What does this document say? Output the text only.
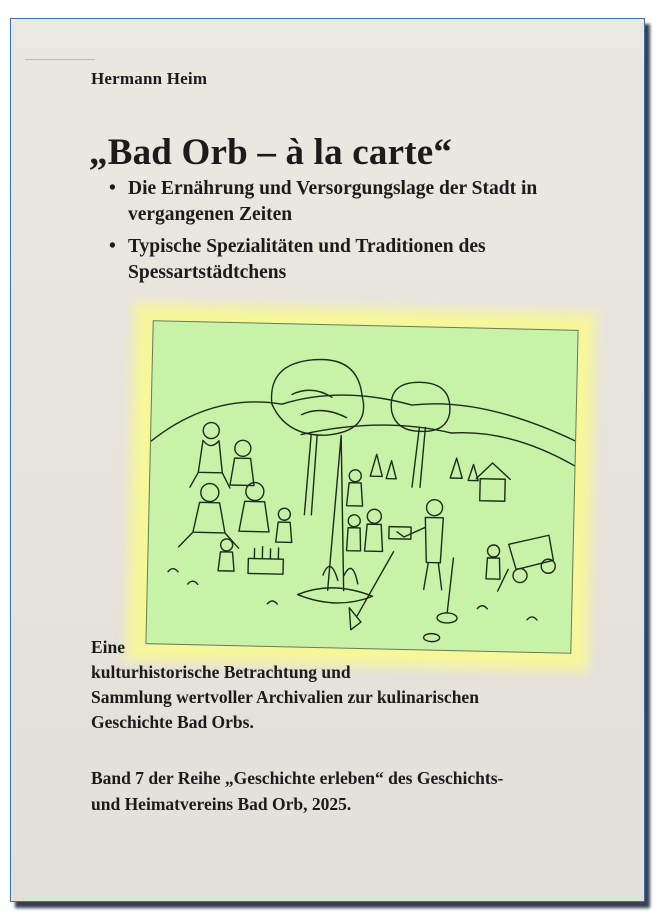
Hermann Heim
„Bad Orb – à la carte“
• Die Ernährung und Versorgungslage der Stadt in vergangenen Zeiten
• Typische Spezialitäten und Traditionen des Spessartstädtchens
Eine
kulturhistorische Betrachtung und
Sammlung wertvoller Archivalien zur kulinarischen
Geschichte Bad Orbs.
Band 7 der Reihe „Geschichte erleben“ des Geschichts-
und Heimatvereins Bad Orb, 2025.
